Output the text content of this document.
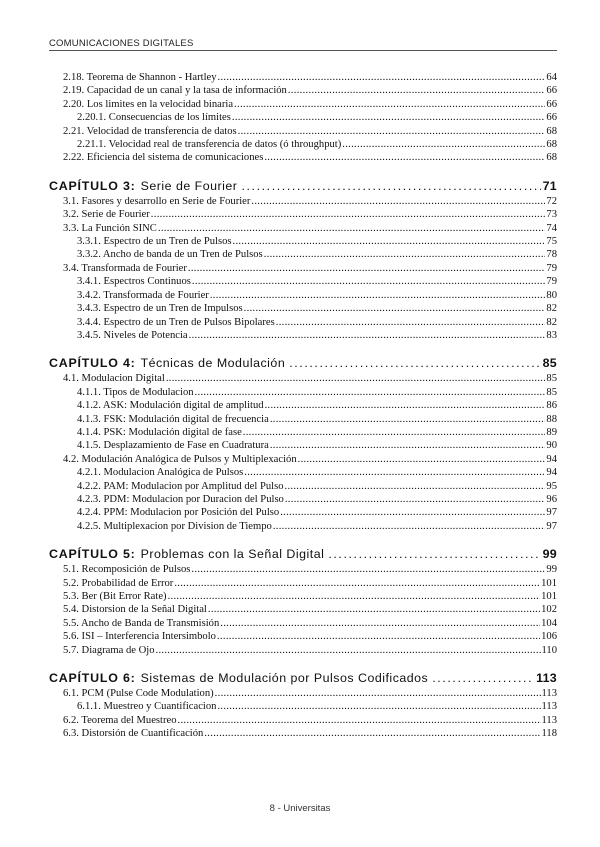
COMUNICACIONES DIGITALES
2.18. Teorema de Shannon - Hartley .....	64
2.19. Capacidad de un canal y la tasa de información .....	66
2.20. Los limites en la velocidad binaria .....	66
2.20.1. Consecuencias de los límites .....	66
2.21. Velocidad de transferencia de datos .....	68
2.21.1. Velocidad real de transferencia de datos (ó throughput) .....	68
2.22. Eficiencia del sistema de comunicaciones .....	68
CAPÍTULO 3: Serie de Fourier .....	71
3.1. Fasores y desarrollo en Serie de Fourier .....	72
3.2. Serie de Fourier .....	73
3.3. La Función SINC .....	74
3.3.1. Espectro de un Tren de Pulsos .....	75
3.3.2. Ancho de banda de un Tren de Pulsos .....	78
3.4. Transformada de Fourier .....	79
3.4.1. Espectros Continuos .....	79
3.4.2. Transformada de Fourier .....	80
3.4.3. Espectro de un Tren de Impulsos .....	82
3.4.4. Espectro de un Tren de Pulsos Bipolares .....	82
3.4.5. Niveles de Potencia .....	83
CAPÍTULO 4: Técnicas de Modulación .....	85
4.1. Modulacion Digital .....	85
4.1.1. Tipos de Modulacion .....	85
4.1.2. ASK: Modulación digital de amplitud .....	86
4.1.3. FSK: Modulación digital de frecuencia .....	88
4.1.4. PSK: Modulación digital de fase .....	89
4.1.5. Desplazamiento de Fase en Cuadratura .....	90
4.2. Modulación Analógica de Pulsos y Multiplexación .....	94
4.2.1. Modulacion Analógica de Pulsos .....	94
4.2.2. PAM: Modulacion por Amplitud del Pulso .....	95
4.2.3. PDM: Modulacion por Duracion del Pulso .....	96
4.2.4. PPM: Modulacion por Posición del Pulso .....	97
4.2.5. Multiplexacion por Division de Tiempo .....	97
CAPÍTULO 5: Problemas con la Señal Digital .....	99
5.1. Recomposición de Pulsos .....	99
5.2. Probabilidad de Error .....	101
5.3. Ber (Bit Error Rate) .....	101
5.4. Distorsion de la Señal Digital .....	102
5.5. Ancho de Banda de Transmisión .....	104
5.6. ISI – Interferencia Intersimbolo .....	106
5.7. Diagrama de Ojo .....	110
CAPÍTULO 6: Sistemas de Modulación por Pulsos Codificados .....	113
6.1. PCM (Pulse Code Modulation) .....	113
6.1.1. Muestreo y Cuantificacion .....	113
6.2. Teorema del Muestreo .....	113
6.3. Distorsión de Cuantificación .....	118
8 - Universitas
